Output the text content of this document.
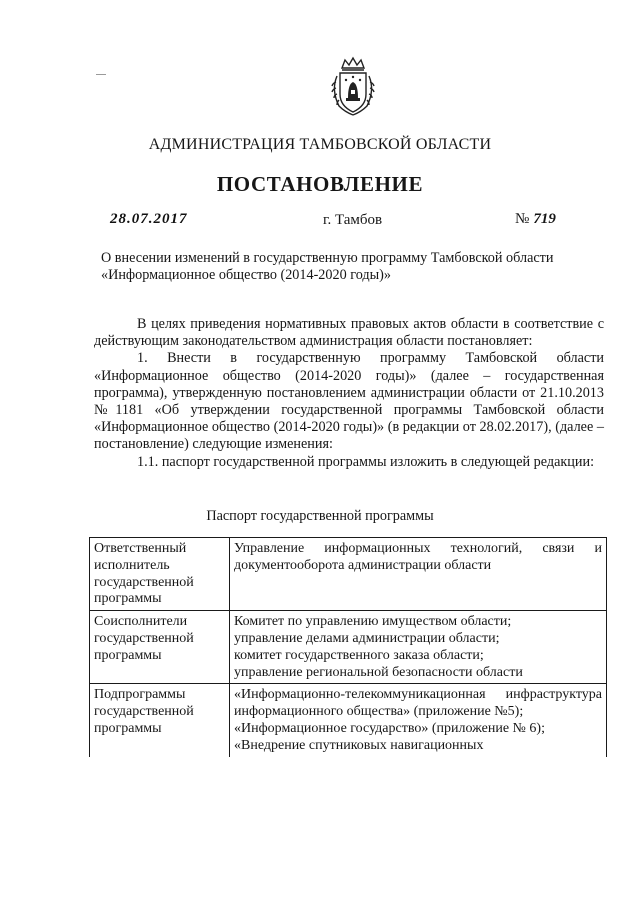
АДМИНИСТРАЦИЯ ТАМБОВСКОЙ ОБЛАСТИ
ПОСТАНОВЛЕНИЕ
28.07.2017	г. Тамбов	№ 719
О внесении изменений в государственную программу Тамбовской области
«Информационное общество (2014-2020 годы)»

В целях приведения нормативных правовых актов области в соответствие с действующим законодательством администрация области постановляет:

1. Внести в государственную программу Тамбовской области «Информационное общество (2014-2020 годы)» (далее – государственная программа), утвержденную постановлением администрации области от 21.10.2013 №1181 «Об утверждении государственной программы Тамбовской области «Информационное общество (2014-2020 годы)» (в редакции от 28.02.2017), (далее – постановление) следующие изменения:

1.1. паспорт государственной программы изложить в следующей редакции:

Паспорт государственной программы
Ответственный исполнитель государственной программы	Управление информационных технологий, связи и документооборота администрации области

Соисполнители государственной программы	Комитет по управлению имуществом области;
управление делами администрации области;
комитет государственного заказа области;
управление региональной безопасности области

Подпрограммы государственной программы	«Информационно-телекоммуникационная инфраструктура информационного общества» (приложение №5);
«Информационное государство» (приложение № 6);
«Внедрение спутниковых навигационных
